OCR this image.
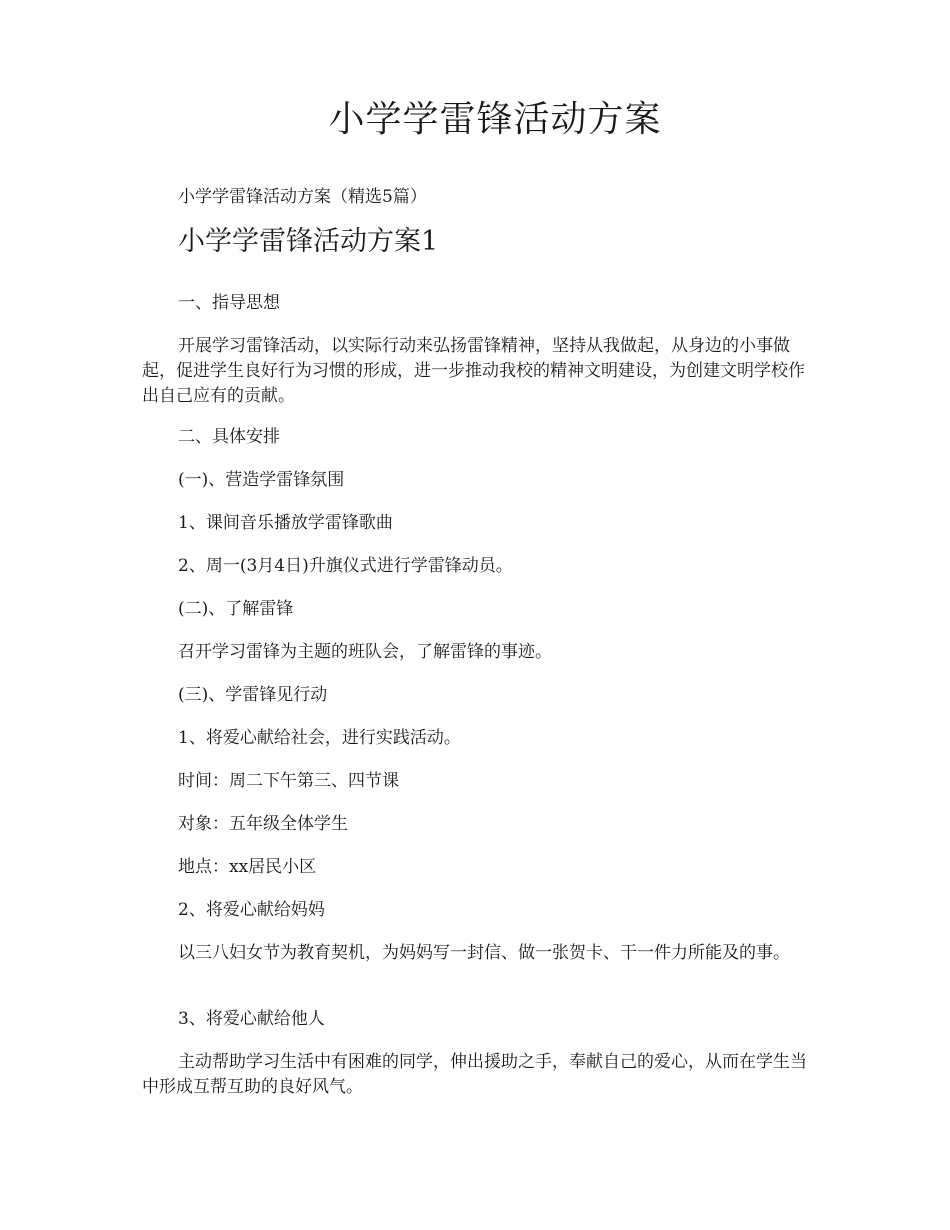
小学学雷锋活动方案
小学学雷锋活动方案（精选5篇）
小学学雷锋活动方案1
一、指导思想
开展学习雷锋活动，以实际行动来弘扬雷锋精神，坚持从我做起，从身边的小事做起，促进学生良好行为习惯的形成，进一步推动我校的精神文明建设，为创建文明学校作出自己应有的贡献。
二、具体安排
(一)、营造学雷锋氛围
1、课间音乐播放学雷锋歌曲
2、周一(3月4日)升旗仪式进行学雷锋动员。
(二)、了解雷锋
召开学习雷锋为主题的班队会，了解雷锋的事迹。
(三)、学雷锋见行动
1、将爱心献给社会，进行实践活动。
时间：周二下午第三、四节课
对象：五年级全体学生
地点：xx居民小区
2、将爱心献给妈妈
以三八妇女节为教育契机，为妈妈写一封信、做一张贺卡、干一件力所能及的事。
3、将爱心献给他人
主动帮助学习生活中有困难的同学，伸出援助之手，奉献自己的爱心，从而在学生当中形成互帮互助的良好风气。
